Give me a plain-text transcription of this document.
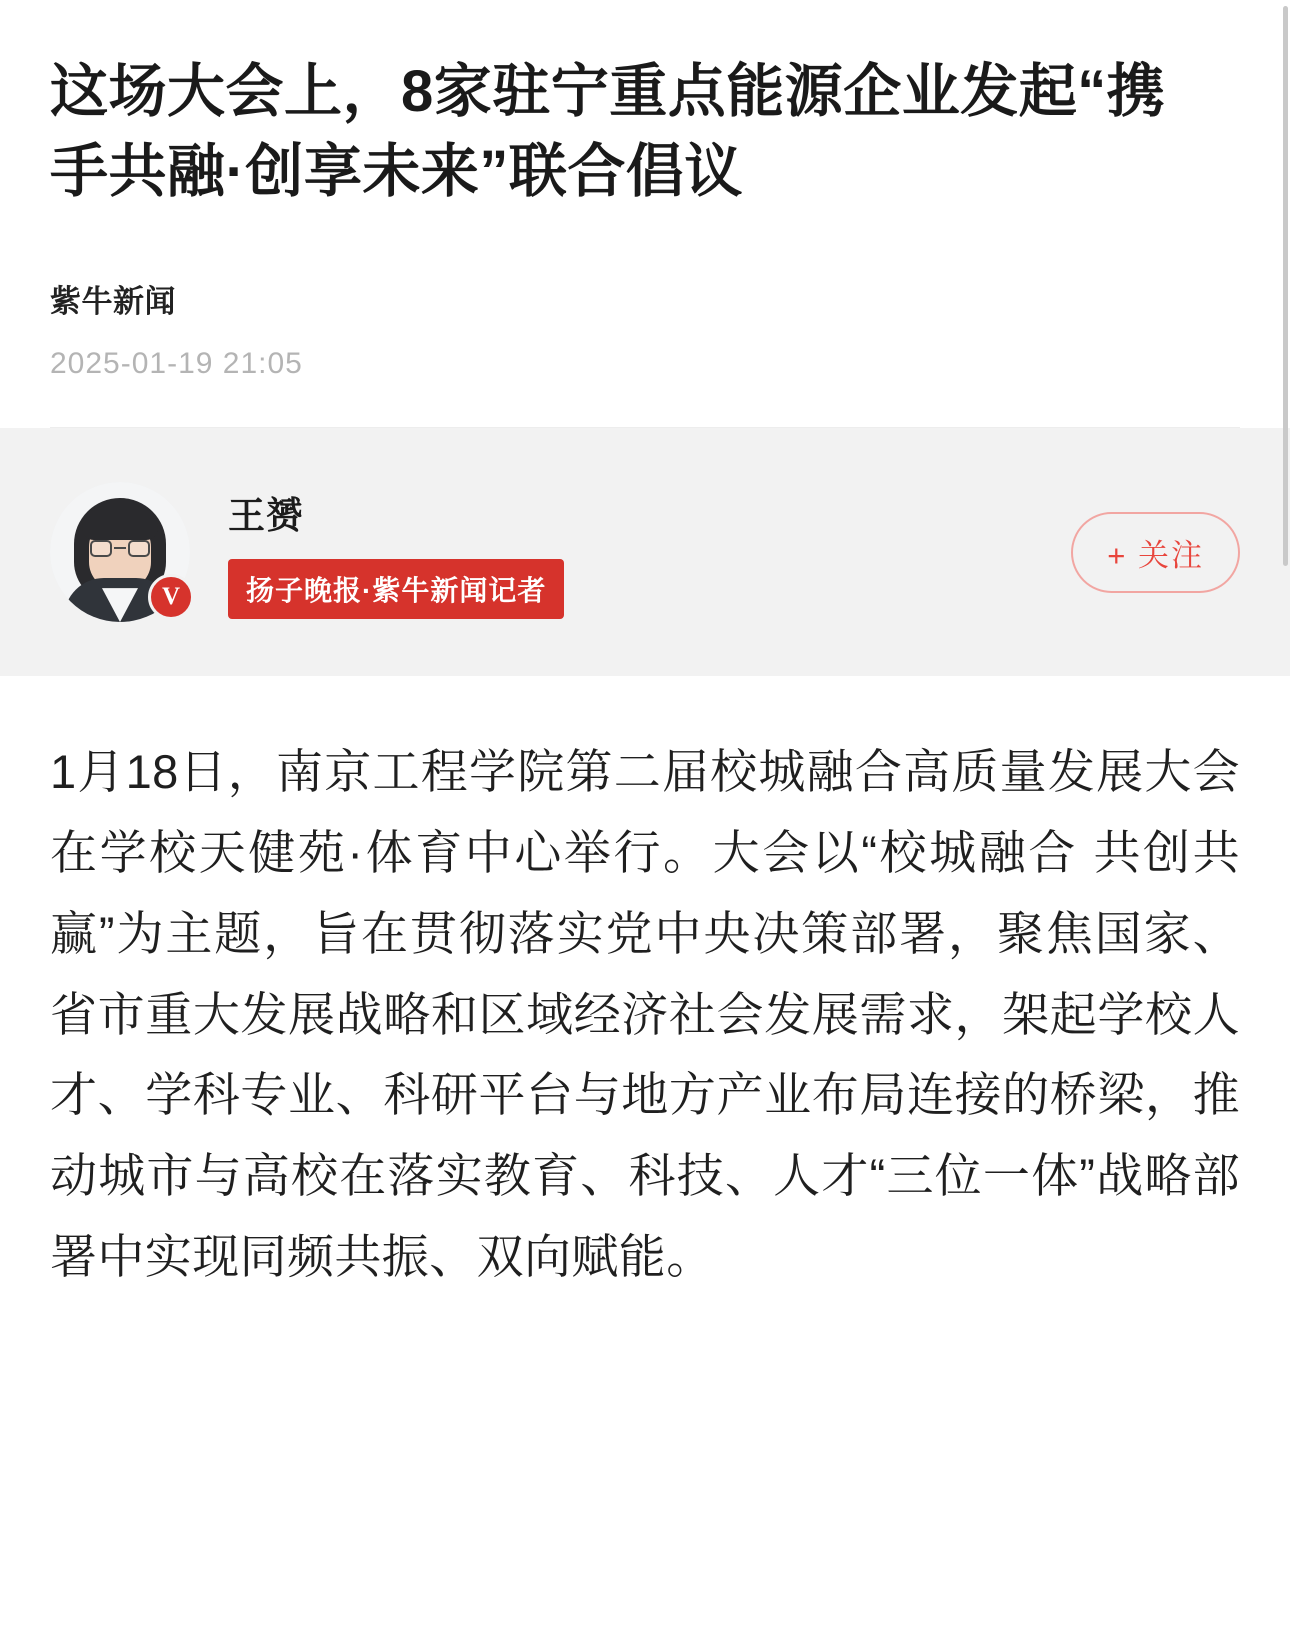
这场大会上，8家驻宁重点能源企业发起“携手共融·创享未来”联合倡议
紫牛新闻
2025-01-19 21:05
V
王赟
扬子晚报·紫牛新闻记者
+ 关注

1月18日，南京工程学院第二届校城融合高质量发展大会在学校天健苑·体育中心举行。大会以“校城融合 共创共赢”为主题，旨在贯彻落实党中央决策部署，聚焦国家、省市重大发展战略和区域经济社会发展需求，架起学校人才、学科专业、科研平台与地方产业布局连接的桥梁，推动城市与高校在落实教育、科技、人才“三位一体”战略部署中实现同频共振、双向赋能。
